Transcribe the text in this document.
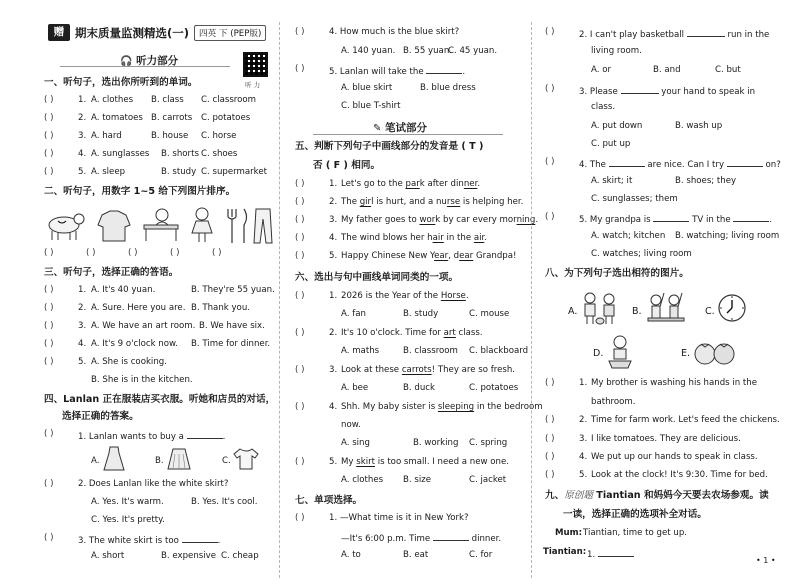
赠 期末质量监测精选(一)	四英 下 (PEP版)
🎧 听力部分
听 力
一、听句子，选出你所听到的单词。
( )	1. A. clothes B. class C. classroom
( )	2. A. tomatoes B. carrots C. potatoes
( )	3. A. hard	B. house C. horse
( )	4. A. sunglasses B. shorts C. shoes
( )	5. A. sleep	B. study C. supermarket
二、听句子，用数字 1~5 给下列图片排序。
( )	( )	( )	( )	( )
三、听句子，选择正确的答语。
( )	1. A. It's 40 yuan.	B. They're 55 yuan.
( )	2. A. Sure. Here you are. B. Thank you.
( )	3. A. We have an art room. B. We have six.
( )	4. A. It's 9 o'clock now. B. Time for dinner.
( )	5. A. She is cooking.
B. She is in the kitchen.
四、Lanlan 正在服装店买衣服。听她和店员的对话，
选择正确的答案。
( )	1. Lanlan wants to buy a	.
A.	B.	C.
( )	2. Does Lanlan like the white skirt?
A. Yes. It's warm.	B. Yes. It's cool.
C. Yes. It's pretty.
( )	3. The white skirt is too	.
A. short	B. expensive C. cheap
( )	4. How much is the blue skirt?
A. 140 yuan. B. 55 yuan.
C. 45 yuan.
( )	5. Lanlan will take the	.
A. blue skirt	B. blue dress
C. blue T-shirt
✎ 笔试部分
五、判断下列句子中画线部分的发音是 ( T )
否 ( F ) 相同。
( )	1. Let's go to the park after dinner.
( )	2. The girl is hurt, and a nurse is helping her.
( )	3. My father goes to work by car every morning.
( )	4. The wind blows her hair in the air.
( )	5. Happy Chinese New Year, dear Grandpa!
六、选出与句中画线单词同类的一项。
( )	1. 2026 is the Year of the Horse.
A. fan	B. study	C. mouse
( )	2. It's 10 o'clock. Time for art class.
A. maths	B. classroom C. blackboard
( )	3. Look at these carrots! They are so fresh.
A. bee	B. duck	C. potatoes
( )	4. Shh. My baby sister is sleeping in the bedroom
now.
A. sing	B. working C. spring
( )	5. My skirt is too small. I need a new one.
A. clothes B. size	C. jacket
七、单项选择。
( )	1. —What time is it in New York?
—It's 6:00 p.m. Time	dinner.
A. to	B. eat	C. for
( )	2. I can't play basketball	run in the
living room.
A. or	B. and	C. but
( )	3. Please	your hand to speak in
class.
A. put down	B. wash up
C. put up
( )	4. The	are nice. Can I try	on?
A. skirt; it	B. shoes; they
C. sunglasses; them
( )	5. My grandpa is	TV in the	.
A. watch; kitchen B. watching; living room
C. watches; living room
八、为下列句子选出相符的图片。
A.	B.	C.
D.	E.
( )	1. My brother is washing his hands in the
bathroom.
( )	2. Time for farm work. Let's feed the chickens.
( )	3. I like tomatoes. They are delicious.
( )	4. We put up our hands to speak in class.
( )	5. Look at the clock! It's 9:30. Time for bed.
九、原创题 Tiantian 和妈妈今天要去农场参观。读
一读，选择正确的选项补全对话。
Mum: Tiantian, time to get up.
Tiantian: 1.
• 1 •
